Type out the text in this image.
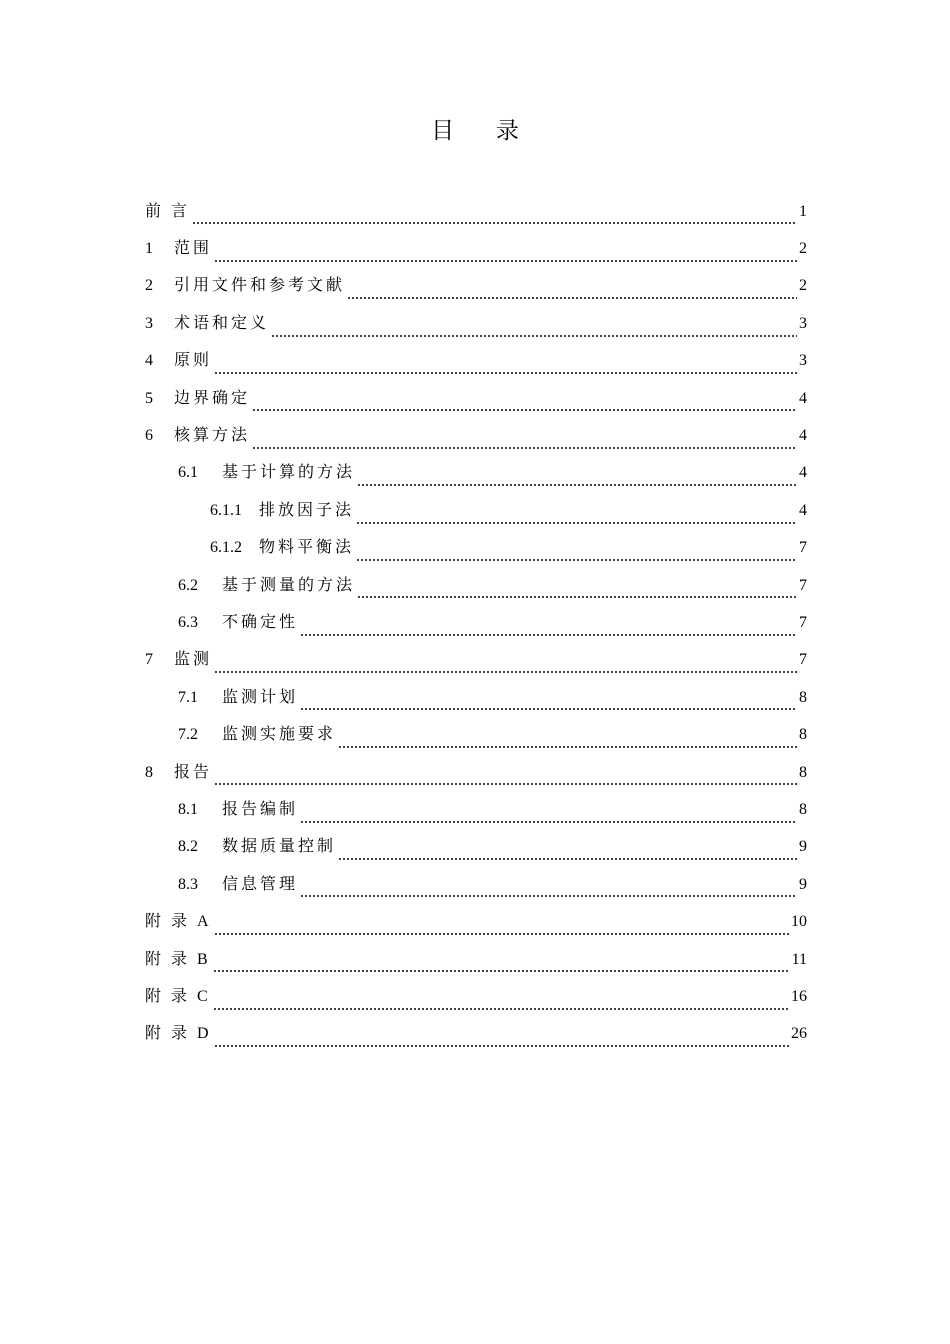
目 录
前 言	1
1	范围	2
2	引用文件和参考文献	2
3	术语和定义	3
4	原则	3
5	边界确定	4
6	核算方法	4
6.1	基于计算的方法	4
6.1.1	排放因子法	4
6.1.2	物料平衡法	7
6.2	基于测量的方法	7
6.3	不确定性	7
7	监测	7
7.1	监测计划	8
7.2	监测实施要求	8
8	报告	8
8.1	报告编制	8
8.2	数据质量控制	9
8.3	信息管理	9
附 录 A	10
附 录 B	11
附 录 C	16
附 录 D	26
